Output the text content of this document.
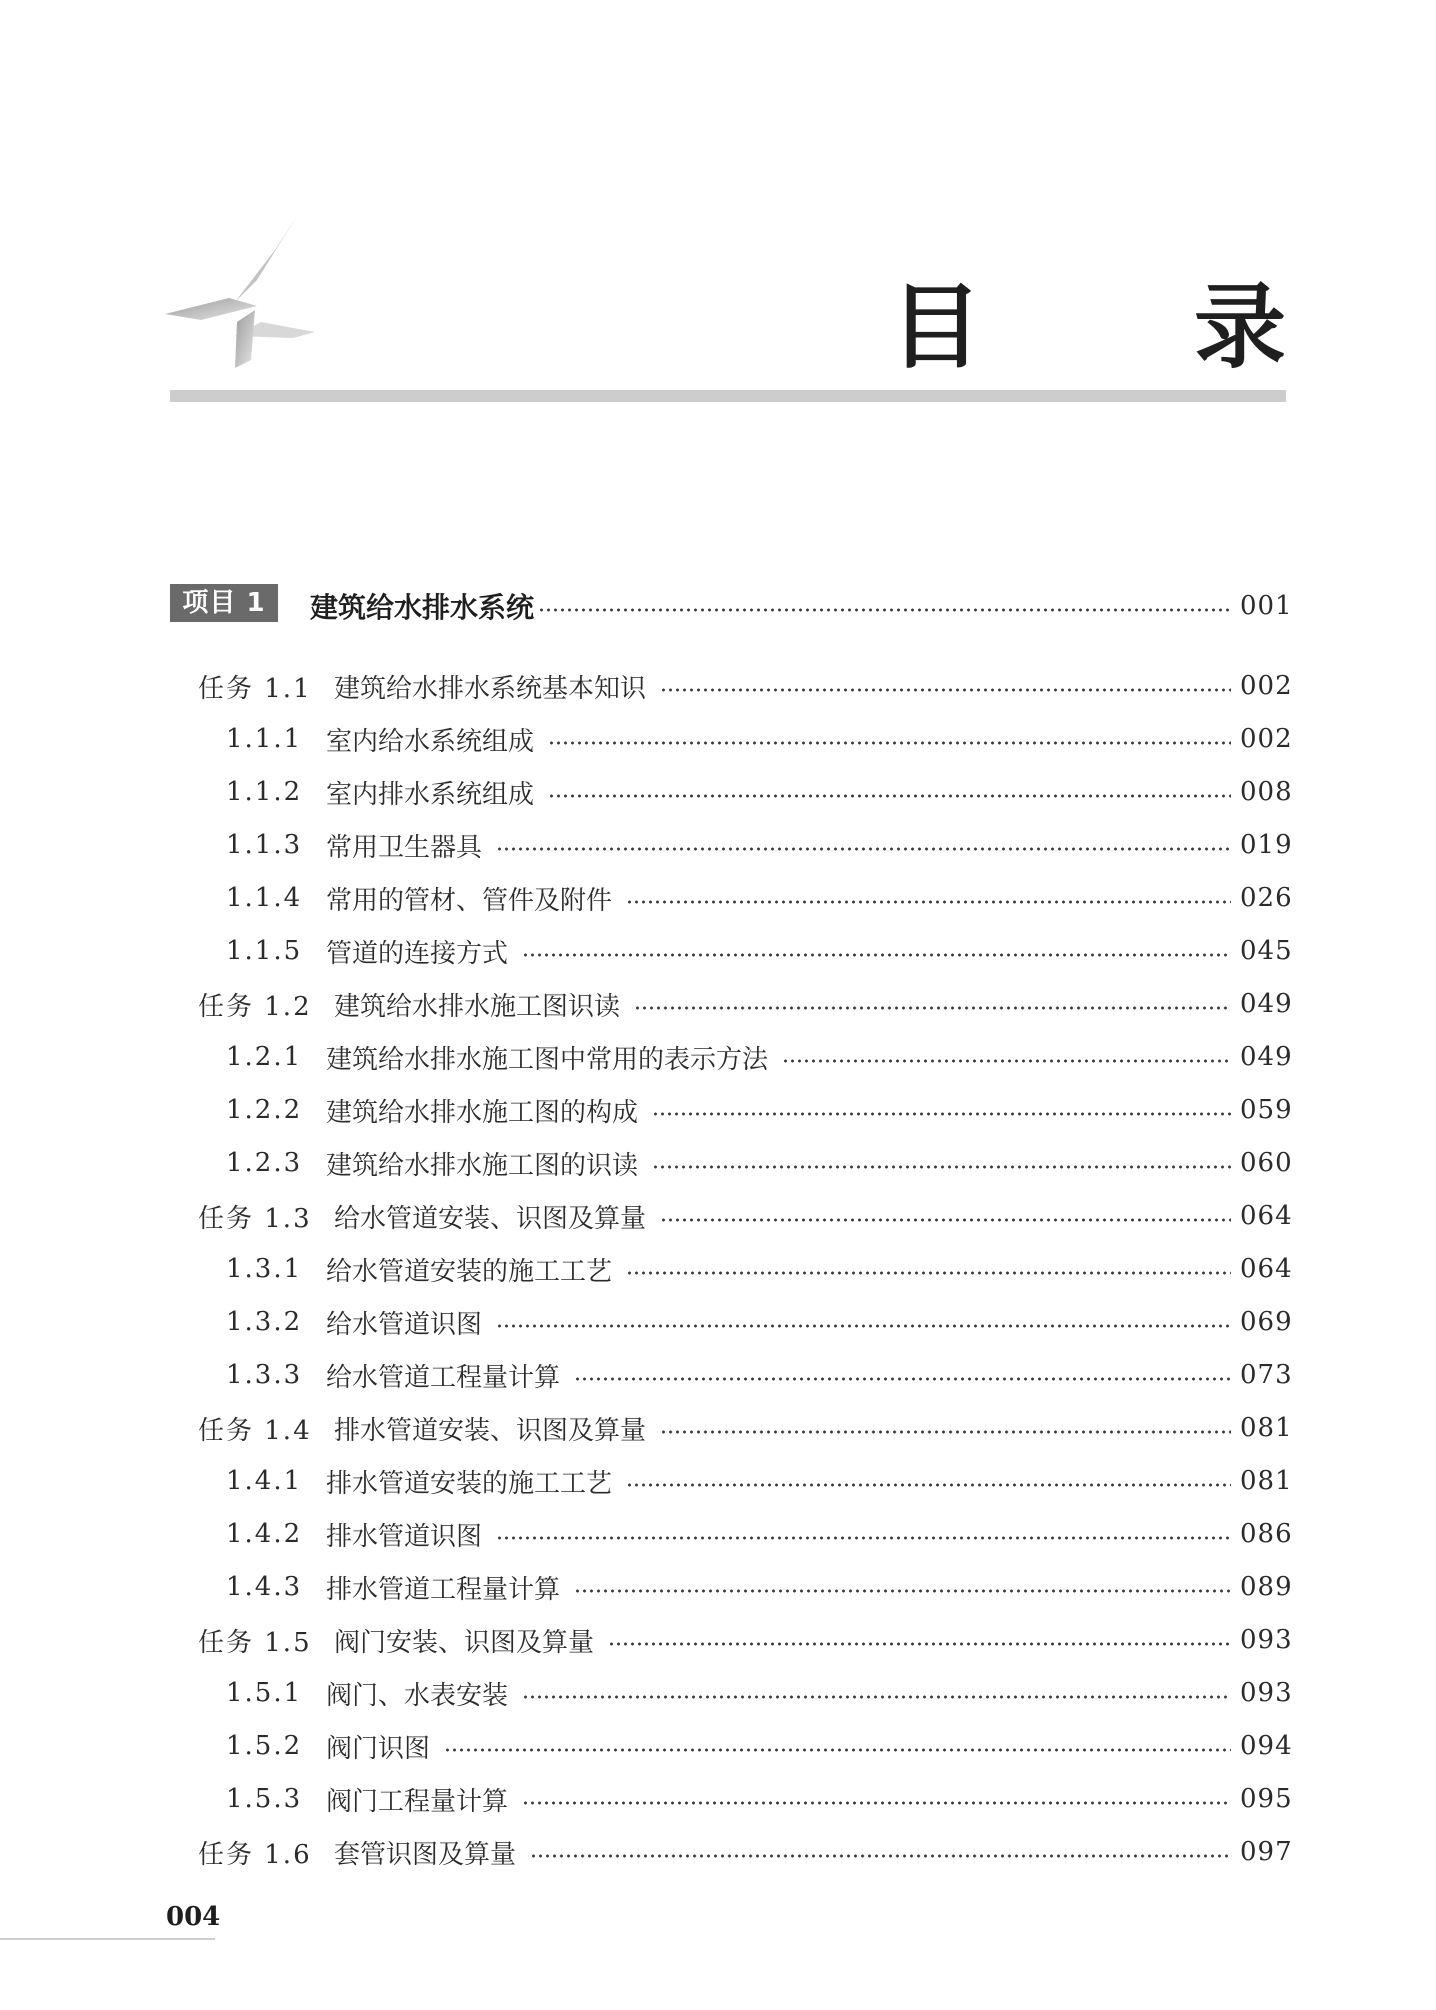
目　录
项目 1	建筑给水排水系统	001
任务 1.1 建筑给水排水系统基本知识	002
1.1.1 室内给水系统组成	002
1.1.2 室内排水系统组成	008
1.1.3 常用卫生器具	019
1.1.4 常用的管材、管件及附件	026
1.1.5 管道的连接方式	045
任务 1.2 建筑给水排水施工图识读	049
1.2.1 建筑给水排水施工图中常用的表示方法	049
1.2.2 建筑给水排水施工图的构成	059
1.2.3 建筑给水排水施工图的识读	060
任务 1.3 给水管道安装、识图及算量	064
1.3.1 给水管道安装的施工工艺	064
1.3.2 给水管道识图	069
1.3.3 给水管道工程量计算	073
任务 1.4 排水管道安装、识图及算量	081
1.4.1 排水管道安装的施工工艺	081
1.4.2 排水管道识图	086
1.4.3 排水管道工程量计算	089
任务 1.5 阀门安装、识图及算量	093
1.5.1 阀门、水表安装	093
1.5.2 阀门识图	094
1.5.3 阀门工程量计算	095
任务 1.6 套管识图及算量	097
004
